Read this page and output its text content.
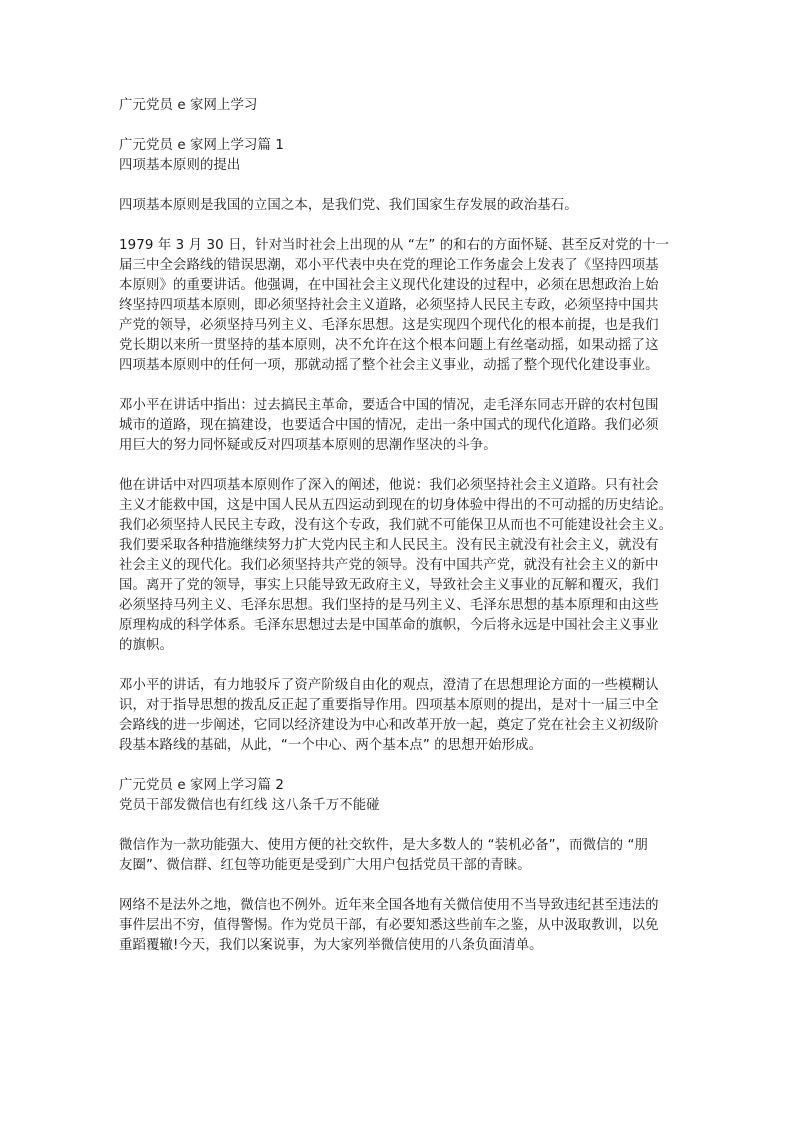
广元党员 e 家网上学习
广元党员 e 家网上学习篇 1
四项基本原则的提出
四项基本原则是我国的立国之本，是我们党、我们国家生存发展的政治基石。
1979 年 3 月 30 日，针对当时社会上出现的从 “左” 的和右的方面怀疑、甚至反对党的十一
届三中全会路线的错误思潮，邓小平代表中央在党的理论工作务虚会上发表了《坚持四项基
本原则》的重要讲话。他强调，在中国社会主义现代化建设的过程中，必须在思想政治上始
终坚持四项基本原则，即必须坚持社会主义道路，必须坚持人民民主专政，必须坚持中国共
产党的领导，必须坚持马列主义、毛泽东思想。这是实现四个现代化的根本前提，也是我们
党长期以来所一贯坚持的基本原则，决不允许在这个根本问题上有丝毫动摇，如果动摇了这
四项基本原则中的任何一项，那就动摇了整个社会主义事业，动摇了整个现代化建设事业。
邓小平在讲话中指出：过去搞民主革命，要适合中国的情况，走毛泽东同志开辟的农村包围
城市的道路，现在搞建设，也要适合中国的情况，走出一条中国式的现代化道路。我们必须
用巨大的努力同怀疑或反对四项基本原则的思潮作坚决的斗争。
他在讲话中对四项基本原则作了深入的阐述，他说：我们必须坚持社会主义道路。只有社会
主义才能救中国，这是中国人民从五四运动到现在的切身体验中得出的不可动摇的历史结论。
我们必须坚持人民民主专政，没有这个专政，我们就不可能保卫从而也不可能建设社会主义。
我们要采取各种措施继续努力扩大党内民主和人民民主。没有民主就没有社会主义，就没有
社会主义的现代化。我们必须坚持共产党的领导。没有中国共产党，就没有社会主义的新中
国。离开了党的领导，事实上只能导致无政府主义，导致社会主义事业的瓦解和覆灭，我们
必须坚持马列主义、毛泽东思想。我们坚持的是马列主义、毛泽东思想的基本原理和由这些
原理构成的科学体系。毛泽东思想过去是中国革命的旗帜，今后将永远是中国社会主义事业
的旗帜。
邓小平的讲话，有力地驳斥了资产阶级自由化的观点，澄清了在思想理论方面的一些模糊认
识，对于指导思想的拨乱反正起了重要指导作用。四项基本原则的提出，是对十一届三中全
会路线的进一步阐述，它同以经济建设为中心和改革开放一起，奠定了党在社会主义初级阶
段基本路线的基础，从此，“一个中心、两个基本点” 的思想开始形成。
广元党员 e 家网上学习篇 2
党员干部发微信也有红线 这八条千万不能碰
微信作为一款功能强大、使用方便的社交软件，是大多数人的 “装机必备”，而微信的 “朋
友圈”、微信群、红包等功能更是受到广大用户包括党员干部的青睐。
网络不是法外之地，微信也不例外。近年来全国各地有关微信使用不当导致违纪甚至违法的
事件层出不穷，值得警惕。作为党员干部，有必要知悉这些前车之鉴，从中汲取教训，以免
重蹈覆辙!今天，我们以案说事，为大家列举微信使用的八条负面清单。
